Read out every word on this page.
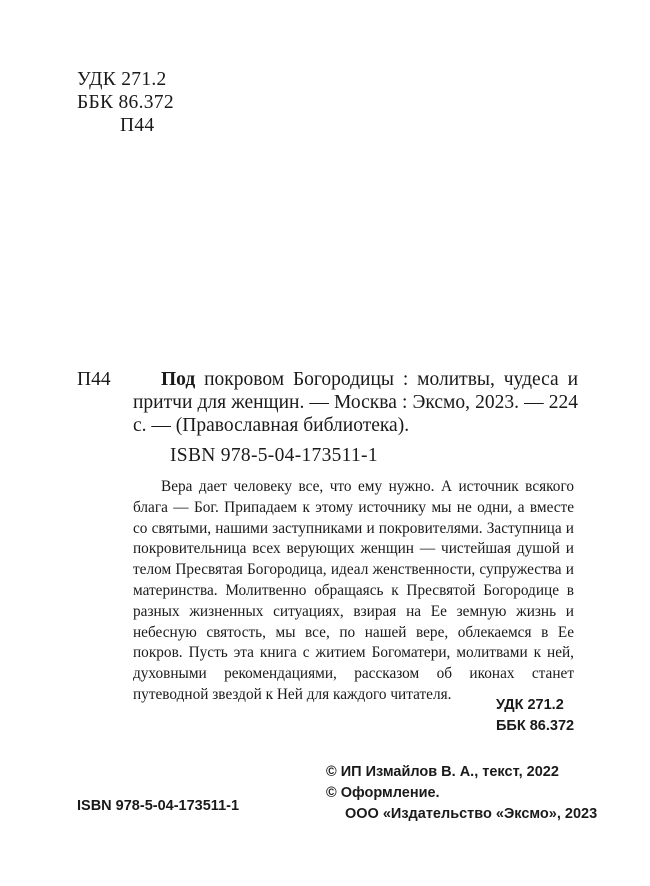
УДК 271.2
ББК 86.372
П44
П44	Под покровом Богородицы : молитвы, чудеса и притчи для женщин. — Москва : Эксмо, 2023. — 224 с. — (Православная библиотека).
ISBN 978-5-04-173511-1
Вера дает человеку все, что ему нужно. А источник всякого блага — Бог. Припадаем к этому источнику мы не одни, а вместе со святыми, нашими заступниками и покровителями. Заступница и покровительница всех верующих женщин — чистейшая душой и телом Пресвятая Богородица, идеал женственности, супружества и материнства. Молитвенно обращаясь к Пресвятой Богородице в разных жизненных ситуациях, взирая на Ее земную жизнь и небесную святость, мы все, по нашей вере, облекаемся в Ее покров. Пусть эта книга с житием Богоматери, молитвами к ней, духовными рекомендациями, рассказом об иконах станет путеводной звездой к Ней для каждого читателя.
УДК 271.2
ББК 86.372
© ИП Измайлов В. А., текст, 2022
© Оформление.
ООО «Издательство «Эксмо», 2023
ISBN 978-5-04-173511-1
